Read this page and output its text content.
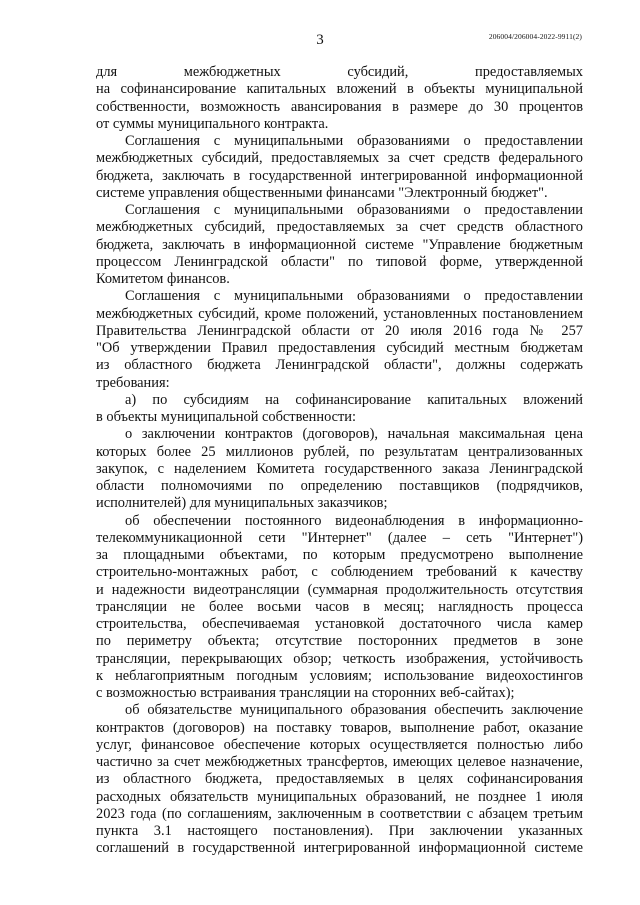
206004/206004-2022-9911(2)
3
для межбюджетных субсидий, предоставляемых
на софинансирование капитальных вложений в объекты муниципальной
собственности, возможность авансирования в размере до 30 процентов
от суммы муниципального контракта.
Соглашения с муниципальными образованиями о предоставлении
межбюджетных субсидий, предоставляемых за счет средств федерального
бюджета, заключать в государственной интегрированной информационной
системе управления общественными финансами "Электронный бюджет".
Соглашения с муниципальными образованиями о предоставлении
межбюджетных субсидий, предоставляемых за счет средств областного
бюджета, заключать в информационной системе "Управление бюджетным
процессом Ленинградской области" по типовой форме, утвержденной
Комитетом финансов.
Соглашения с муниципальными образованиями о предоставлении
межбюджетных субсидий, кроме положений, установленных постановлением
Правительства Ленинградской области от 20 июля 2016 года № 257
"Об утверждении Правил предоставления субсидий местным бюджетам
из областного бюджета Ленинградской области", должны содержать
требования:
а) по субсидиям на софинансирование капитальных вложений
в объекты муниципальной собственности:
о заключении контрактов (договоров), начальная максимальная цена
которых более 25 миллионов рублей, по результатам централизованных
закупок, с наделением Комитета государственного заказа Ленинградской
области полномочиями по определению поставщиков (подрядчиков,
исполнителей) для муниципальных заказчиков;
об обеспечении постоянного видеонаблюдения в информационно-
телекоммуникационной сети "Интернет" (далее – сеть "Интернет")
за площадными объектами, по которым предусмотрено выполнение
строительно-монтажных работ, с соблюдением требований к качеству
и надежности видеотрансляции (суммарная продолжительность отсутствия
трансляции не более восьми часов в месяц; наглядность процесса
строительства, обеспечиваемая установкой достаточного числа камер
по периметру объекта; отсутствие посторонних предметов в зоне
трансляции, перекрывающих обзор; четкость изображения, устойчивость
к неблагоприятным погодным условиям; использование видеохостингов
с возможностью встраивания трансляции на сторонних веб-сайтах);
об обязательстве муниципального образования обеспечить заключение
контрактов (договоров) на поставку товаров, выполнение работ, оказание
услуг, финансовое обеспечение которых осуществляется полностью либо
частично за счет межбюджетных трансфертов, имеющих целевое назначение,
из областного бюджета, предоставляемых в целях софинансирования
расходных обязательств муниципальных образований, не позднее 1 июля
2023 года (по соглашениям, заключенным в соответствии с абзацем третьим
пункта 3.1 настоящего постановления). При заключении указанных
соглашений в государственной интегрированной информационной системе
